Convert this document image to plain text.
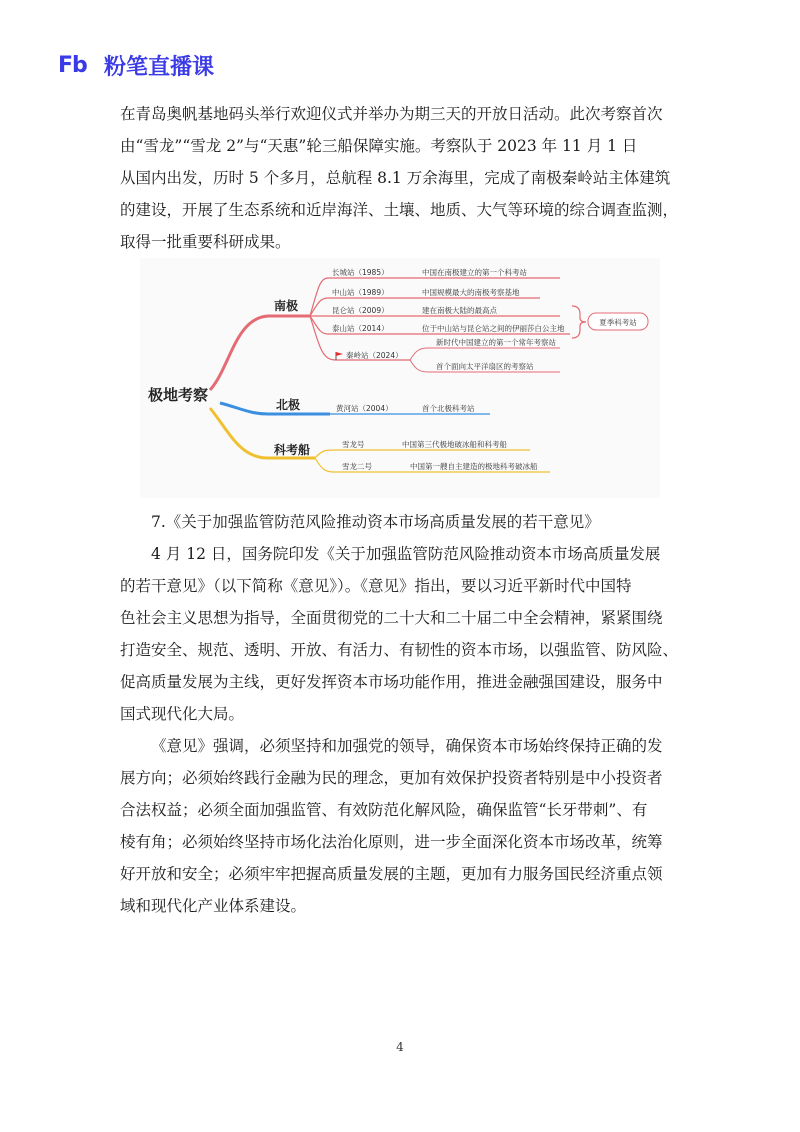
Fb 粉笔直播课

在青岛奥帆基地码头举行欢迎仪式并举办为期三天的开放日活动。此次考察首次

由“雪龙”“雪龙 2”与“天惠”轮三船保障实施。考察队于 2023 年 11 月 1 日

从国内出发，历时 5 个多月，总航程 8.1 万余海里，完成了南极秦岭站主体建筑

的建设，开展了生态系统和近岸海洋、土壤、地质、大气等环境的综合调查监测，

取得一批重要科研成果。

极地考察
南极
长城站（1985）	中国在南极建立的第一个科考站
中山站（1989）	中国规模最大的南极考察基地
昆仑站（2009）	建在南极大陆的最高点
泰山站（2014）	位于中山站与昆仑站之间的伊丽莎白公主地
秦岭站（2024）
新时代中国建立的第一个常年考察站
首个面向太平洋扇区的考察站
夏季科考站
北极	黄河站（2004）	首个北极科考站
科考船	雪龙号	中国第三代极地破冰船和科考船
雪龙二号	中国第一艘自主建造的极地科考破冰船
7.《关于加强监管防范风险推动资本市场高质量发展的若干意见》

4 月 12 日，国务院印发《关于加强监管防范风险推动资本市场高质量发展

的若干意见》（以下简称《意见》）。《意见》指出，要以习近平新时代中国特

色社会主义思想为指导，全面贯彻党的二十大和二十届二中全会精神，紧紧围绕

打造安全、规范、透明、开放、有活力、有韧性的资本市场，以强监管、防风险、

促高质量发展为主线，更好发挥资本市场功能作用，推进金融强国建设，服务中

国式现代化大局。

《意见》强调，必须坚持和加强党的领导，确保资本市场始终保持正确的发

展方向；必须始终践行金融为民的理念，更加有效保护投资者特别是中小投资者

合法权益；必须全面加强监管、有效防范化解风险，确保监管“长牙带刺”、有

棱有角；必须始终坚持市场化法治化原则，进一步全面深化资本市场改革，统筹

好开放和安全；必须牢牢把握高质量发展的主题，更加有力服务国民经济重点领

域和现代化产业体系建设。

4
